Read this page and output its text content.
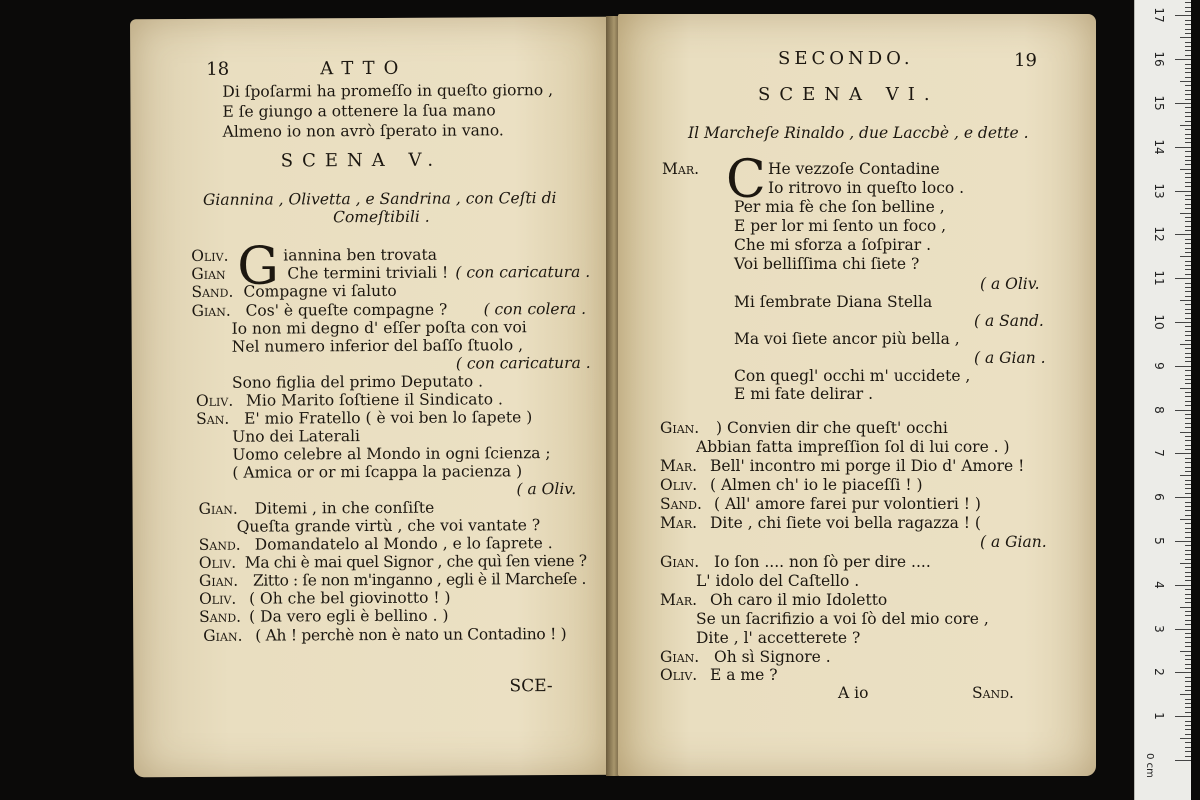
18	ATTO
Di ſpoſarmi ha promeſſo in queſto giorno ,
E ſe giungo a ottenere la ſua mano
Almeno io non avrò ſperato in vano.
SCENA V.
Giannina , Olivetta , e Sandrina , con Ceſti di
Comeſtibili .
G
Oliv.	iannina ben trovata
Gian	Che termini triviali ! ( con caricatura .
Sand. Compagne vi ſaluto
Gian. Cos' è queſte compagne ? ( con colera .
Io non mi degno d' eſſer poſta con voi
Nel numero inferior del baſſo ſtuolo ,
( con caricatura .
Sono figlia del primo Deputato .
Oliv. Mio Marito ſoſtiene il Sindicato .
San. E' mio Fratello ( è voi ben lo ſapete )
Uno dei Laterali
Uomo celebre al Mondo in ogni ſcienza ;
( Amica or or mi ſcappa la pacienza )
( a Oliv.
Gian. Ditemi , in che conſiſte
Queſta grande virtù , che voi vantate ?
Sand. Domandatelo al Mondo , e lo ſaprete .
Oliv. Ma chi è mai quel Signor , che quì ſen viene ?
Gian. Zitto : ſe non m'inganno , egli è il Marcheſe .
Oliv. ( Oh che bel giovinotto ! )
Sand. ( Da vero egli è bellino . )
Gian. ( Ah ! perchè non è nato un Contadino ! )
SCE-
SECONDO.	19
SCENA VI.
Il Marcheſe Rinaldo , due Laccbè , e dette .
C
Mar.	He vezzoſe Contadine
Io ritrovo in queſto loco .
Per mia fè che ſon belline ,
E per lor mi ſento un foco ,
Che mi sforza a ſoſpirar .
Voi belliſſima chi ſiete ?
( a Oliv.
Mi ſembrate Diana Stella
( a Sand.
Ma voi ſiete ancor più bella ,
( a Gian .
Con quegl' occhi m' uccidete ,
E mi fate delirar .
Gian. ) Convien dir che queſt' occhi
Abbian fatta impreſſion ſol di lui core . )
Mar. Bell' incontro mi porge il Dio d' Amore !
Oliv. ( Almen ch' io le piaceſſi ! )
Sand. ( All' amore farei pur volontieri ! )
Mar. Dite , chi ſiete voi bella ragazza ! (
( a Gian.
Gian. Io ſon .... non ſò per dire ....
L' idolo del Caſtello .
Mar. Oh caro il mio Idoletto
Se un ſacrifizio a voi ſò del mio core ,
Dite , l' accetterete ?
Gian. Oh sì Signore .
Oliv. E a me ?
A io	Sand.
0 cm
1
2
3
4
5
6
7
8
9
10
11
12
13
14
15
16
17
